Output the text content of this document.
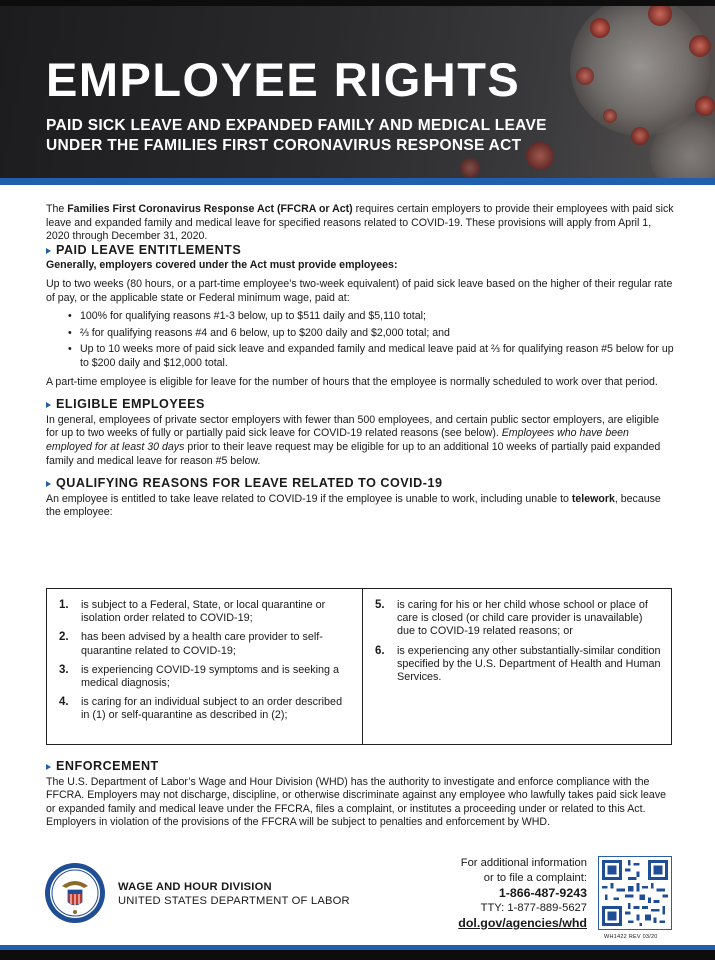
EMPLOYEE RIGHTS
PAID SICK LEAVE AND EXPANDED FAMILY AND MEDICAL LEAVE
UNDER THE FAMILIES FIRST CORONAVIRUS RESPONSE ACT

The Families First Coronavirus Response Act (FFCRA or Act) requires certain employers to provide their employees with paid sick leave and expanded family and medical leave for specified reasons related to COVID-19. These provisions will apply from April 1, 2020 through December 31, 2020.

PAID LEAVE ENTITLEMENTS

Generally, employers covered under the Act must provide employees:

Up to two weeks (80 hours, or a part-time employee’s two-week equivalent) of paid sick leave based on the higher of their regular rate of pay, or the applicable state or Federal minimum wage, paid at:

• 100% for qualifying reasons #1-3 below, up to $511 daily and $5,110 total;
• ⅔ for qualifying reasons #4 and 6 below, up to $200 daily and $2,000 total; and
• Up to 10 weeks more of paid sick leave and expanded family and medical leave paid at ⅔ for qualifying reason #5 below for up to $200 daily and $12,000 total.

A part-time employee is eligible for leave for the number of hours that the employee is normally scheduled to work over that period.

ELIGIBLE EMPLOYEES

In general, employees of private sector employers with fewer than 500 employees, and certain public sector employers, are eligible for up to two weeks of fully or partially paid sick leave for COVID-19 related reasons (see below). Employees who have been employed for at least 30 days prior to their leave request may be eligible for up to an additional 10 weeks of partially paid expanded family and medical leave for reason #5 below.

QUALIFYING REASONS FOR LEAVE RELATED TO COVID-19

An employee is entitled to take leave related to COVID-19 if the employee is unable to work, including unable to telework, because the employee:

1.	is subject to a Federal, State, or local quarantine or isolation order related to COVID-19;
2.	has been advised by a health care provider to self-quarantine related to COVID-19;
3.	is experiencing COVID-19 symptoms and is seeking a medical diagnosis;
4.	is caring for an individual subject to an order described in (1) or self-quarantine as described in (2);
5.	is caring for his or her child whose school or place of care is closed (or child care provider is unavailable) due to COVID-19 related reasons; or
6.	is experiencing any other substantially-similar condition specified by the U.S. Department of Health and Human Services.
ENFORCEMENT

The U.S. Department of Labor’s Wage and Hour Division (WHD) has the authority to investigate and enforce compliance with the FFCRA. Employers may not discharge, discipline, or otherwise discriminate against any employee who lawfully takes paid sick leave or expanded family and medical leave under the FFCRA, files a complaint, or institutes a proceeding under or related to this Act. Employers in violation of the provisions of the FFCRA will be subject to penalties and enforcement by WHD.

WAGE AND HOUR DIVISION
UNITED STATES DEPARTMENT OF LABOR
For additional information
or to file a complaint:
1-866-487-9243
TTY: 1-877-889-5627
dol.gov/agencies/whd
WH1422 REV 03/20
